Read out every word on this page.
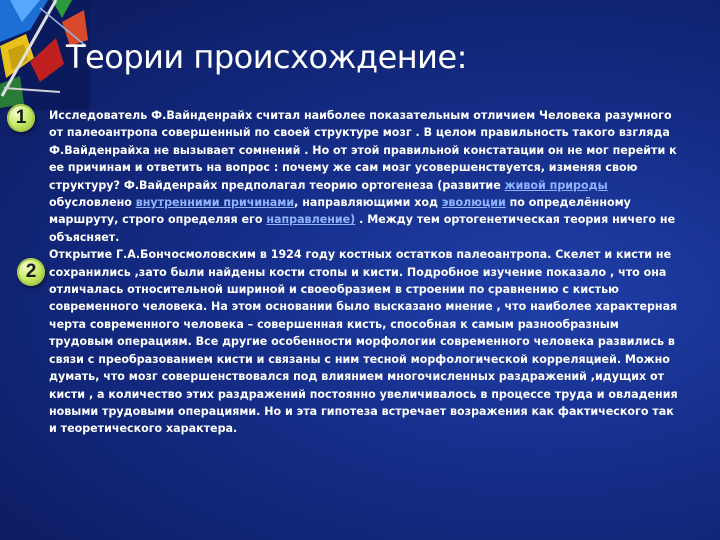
Теории происхождение:
1
2

Исследователь Ф.Вайнденрайх считал наиболее показательным отличием Человека разумного от палеоантропа совершенный по своей структуре мозг . В целом правильность такого взгляда Ф.Вайденрайха не вызывает сомнений . Но от этой правильной констатации он не мог перейти к ее причинам и ответить на вопрос : почему же сам мозг усовершенствуется, изменяя свою структуру? Ф.Вайденрайх предполагал теорию ортогенеза (развитие живой природы обусловлено внутренними причинами, направляющими ход эволюции по определённому маршруту, строго определяя его направление) . Между тем ортогенетическая теория ничего не объясняет.

Открытие Г.А.Бончосмоловским в 1924 году костных остатков палеоантропа. Скелет и кисти не сохранились ,зато были найдены кости стопы и кисти. Подробное изучение показало , что она отличалась относительной шириной и своеобразием в строении по сравнению с кистью современного человека. На этом основании было высказано мнение , что наиболее характерная черта современного человека – совершенная кисть, способная к самым разнообразным трудовым операциям. Все другие особенности морфологии современного человека развились в связи с преобразованием кисти и связаны с ним тесной морфологической корреляцией. Можно думать, что мозг совершенствовался под влиянием многочисленных раздражений ,идущих от кисти , а количество этих раздражений постоянно увеличивалось в процессе труда и овладения новыми трудовыми операциями. Но и эта гипотеза встречает возражения как фактического так и теоретического характера.
